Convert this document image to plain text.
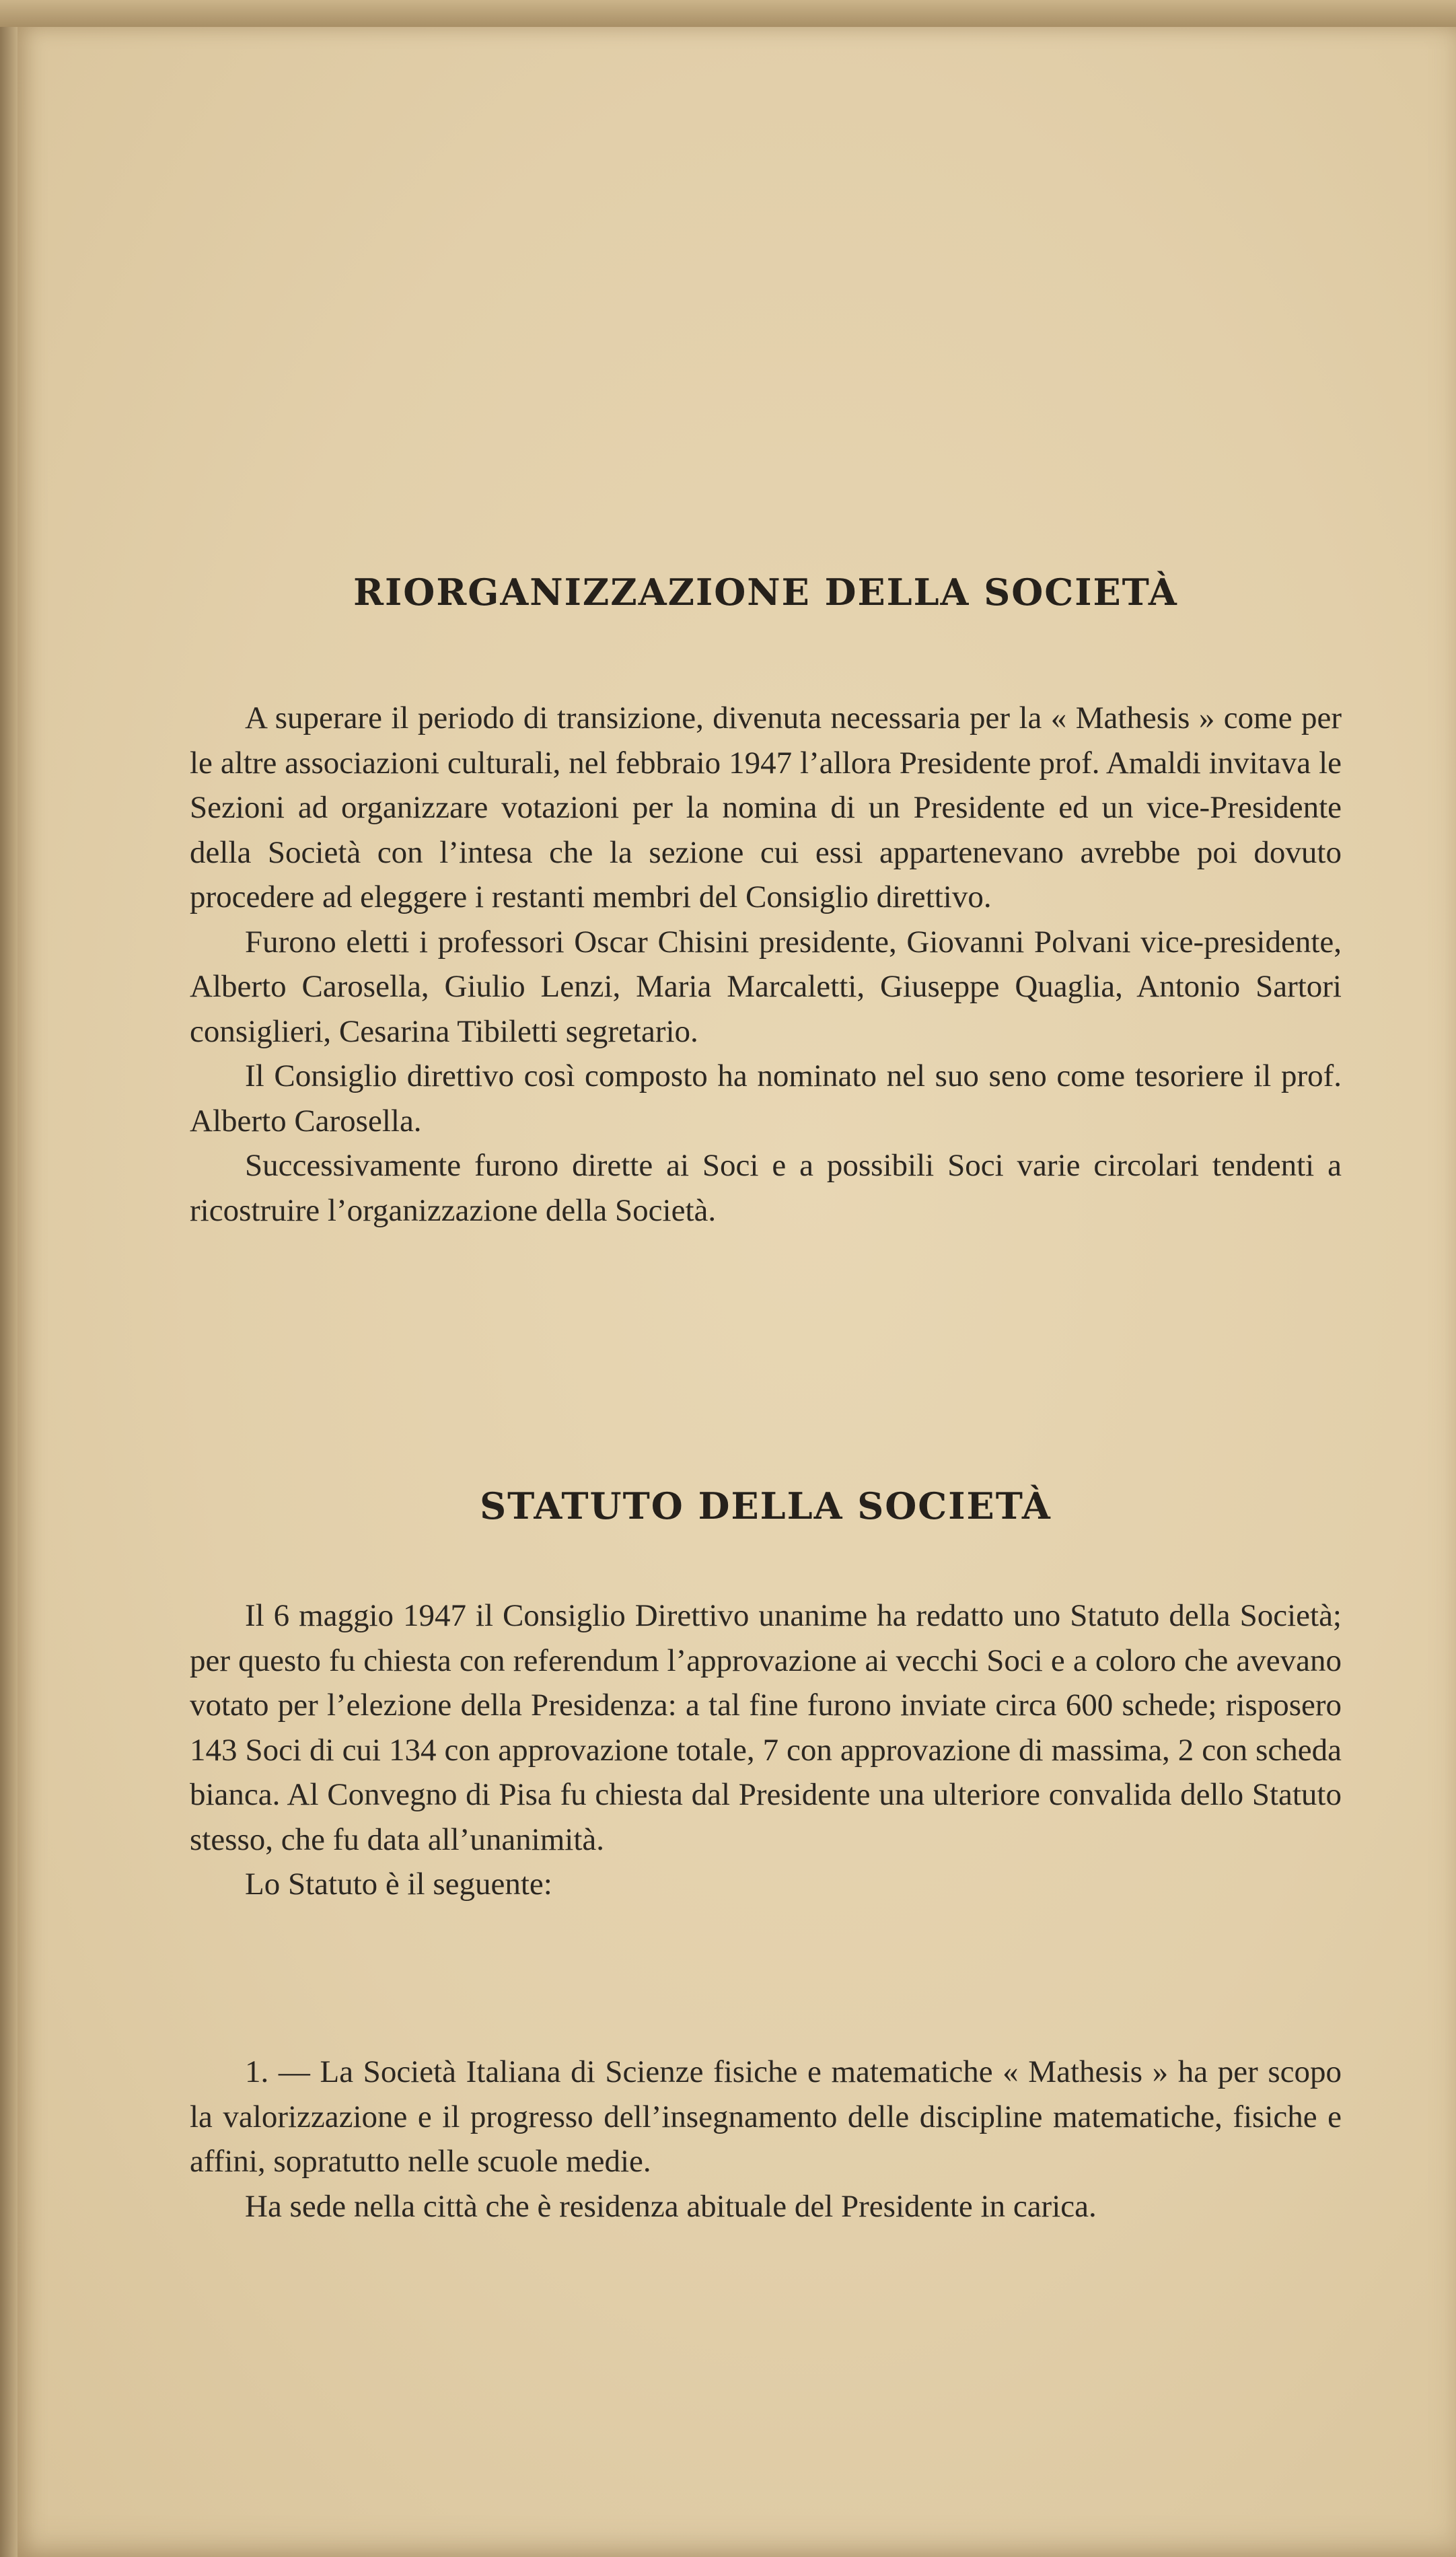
RIORGANIZZAZIONE DELLA SOCIETÀ

A superare il periodo di transizione, divenuta necessaria per la « Mathesis » come per le altre associazioni culturali, nel febbraio 1947 l’allora Presidente prof. Amaldi invitava le Sezioni ad organizzare votazioni per la nomina di un Presidente ed un vice-Presidente della Società con l’intesa che la sezione cui essi appartenevano avrebbe poi dovuto procedere ad eleggere i restanti membri del Consiglio direttivo.

Furono eletti i professori Oscar Chisini presidente, Giovanni Polvani vice-presidente, Alberto Carosella, Giulio Lenzi, Maria Marcaletti, Giuseppe Quaglia, Antonio Sartori consiglieri, Cesarina Tibiletti segretario.

Il Consiglio direttivo così composto ha nominato nel suo seno come tesoriere il prof. Alberto Carosella.

Successivamente furono dirette ai Soci e a possibili Soci varie circolari tendenti a ricostruire l’organizzazione della Società.

STATUTO DELLA SOCIETÀ

Il 6 maggio 1947 il Consiglio Direttivo unanime ha redatto uno Statuto della Società; per questo fu chiesta con referendum l’approvazione ai vecchi Soci e a coloro che avevano votato per l’elezione della Presidenza: a tal fine furono inviate circa 600 schede; risposero 143 Soci di cui 134 con approvazione totale, 7 con approvazione di massima, 2 con scheda bianca. Al Convegno di Pisa fu chiesta dal Presidente una ulteriore convalida dello Statuto stesso, che fu data all’unanimità.

Lo Statuto è il seguente:

1. — La Società Italiana di Scienze fisiche e matematiche « Mathesis » ha per scopo la valorizzazione e il progresso dell’insegnamento delle discipline matematiche, fisiche e affini, sopratutto nelle scuole medie.

Ha sede nella città che è residenza abituale del Presidente in carica.
